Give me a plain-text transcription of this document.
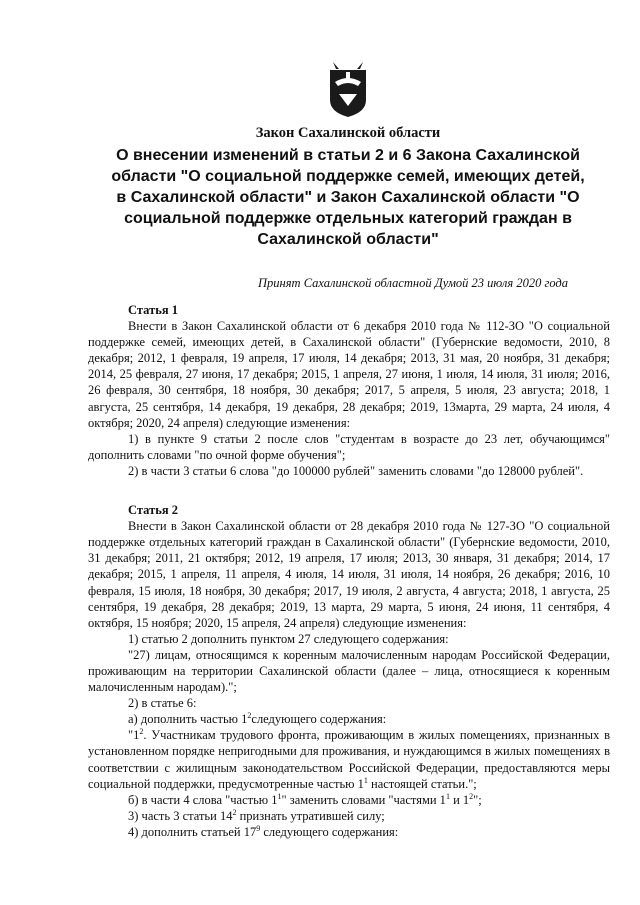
Закон Сахалинской области
О внесении изменений в статьи 2 и 6 Закона Сахалинской области "О социальной поддержке семей, имеющих детей, в Сахалинской области" и Закон Сахалинской области "О социальной поддержке отдельных категорий граждан в Сахалинской области"
Принят Сахалинской областной Думой 23 июля 2020 года

Статья 1

Внести в Закон Сахалинской области от 6 декабря 2010 года № 112-ЗО "О социальной поддержке семей, имеющих детей, в Сахалинской области" (Губернские ведомости, 2010, 8 декабря; 2012, 1 февраля, 19 апреля, 17 июля, 14 декабря; 2013, 31 мая, 20 ноября, 31 декабря; 2014, 25 февраля, 27 июня, 17 декабря; 2015, 1 апреля, 27 июня, 1 июля, 14 июля, 31 июля; 2016, 26 февраля, 30 сентября, 18 ноября, 30 декабря; 2017, 5 апреля, 5 июля, 23 августа; 2018, 1 августа, 25 сентября, 14 декабря, 19 декабря, 28 декабря; 2019, 13марта, 29 марта, 24 июля, 4 октября; 2020, 24 апреля) следующие изменения:

1) в пункте 9 статьи 2 после слов "студентам в возрасте до 23 лет, обучающимся" дополнить словами "по очной форме обучения";

2) в части 3 статьи 6 слова "до 100000 рублей" заменить словами "до 128000 рублей".

Статья 2

Внести в Закон Сахалинской области от 28 декабря 2010 года № 127-ЗО "О социальной поддержке отдельных категорий граждан в Сахалинской области" (Губернские ведомости, 2010, 31 декабря; 2011, 21 октября; 2012, 19 апреля, 17 июля; 2013, 30 января, 31 декабря; 2014, 17 декабря; 2015, 1 апреля, 11 апреля, 4 июля, 14 июля, 31 июля, 14 ноября, 26 декабря; 2016, 10 февраля, 15 июля, 18 ноября, 30 декабря; 2017, 19 июля, 2 августа, 4 августа; 2018, 1 августа, 25 сентября, 19 декабря, 28 декабря; 2019, 13 марта, 29 марта, 5 июня, 24 июня, 11 сентября, 4 октября, 15 ноября; 2020, 15 апреля, 24 апреля) следующие изменения:

1) статью 2 дополнить пунктом 27 следующего содержания:

"27) лицам, относящимся к коренным малочисленным народам Российской Федерации, проживающим на территории Сахалинской области (далее – лица, относящиеся к коренным малочисленным народам).";

2) в статье 6:

а) дополнить частью $1^2следующего$ содержания:

"$1^2$. Участникам трудового фронта, проживающим в жилых помещениях, признанных в установленном порядке непригодными для проживания, и нуждающимся в жилых помещениях в соответствии с жилищным законодательством Российской Федерации, предоставляются меры социальной поддержки, предусмотренные частью $1^1$ настоящей статьи.";

б) в части 4 слова "частью $1^1$" заменить словами "частями $1^1$ и $1^2$";

3) часть 3 статьи $14^2$ признать утратившей силу;

4) дополнить статьей $17^9$ следующего содержания:
